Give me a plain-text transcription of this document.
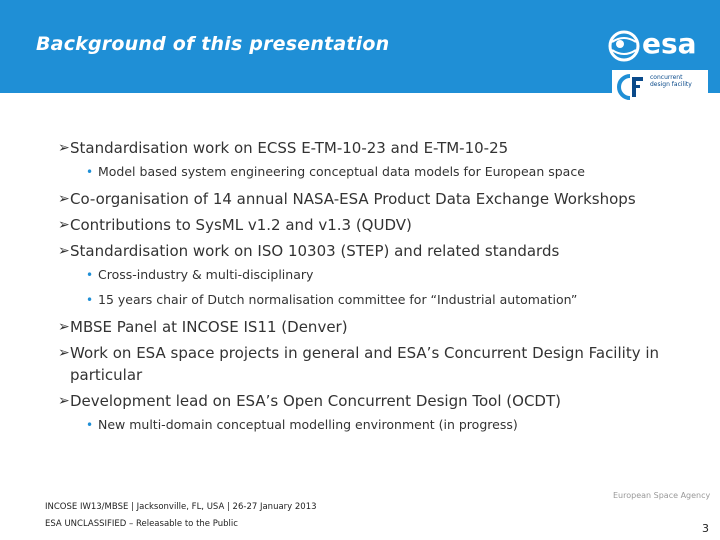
Background of this presentation	esa
concurrent
design facility
➢ Standardisation work on ECSS E-TM-10-23 and E-TM-10-25
• Model based system engineering conceptual data models for European space
➢ Co-organisation of 14 annual NASA-ESA Product Data Exchange Workshops
➢ Contributions to SysML v1.2 and v1.3 (QUDV)
➢ Standardisation work on ISO 10303 (STEP) and related standards
• Cross-industry & multi-disciplinary
• 15 years chair of Dutch normalisation committee for “Industrial automation”
➢ MBSE Panel at INCOSE IS11 (Denver)
➢ Work on ESA space projects in general and ESA’s Concurrent Design Facility in particular
➢ Development lead on ESA’s Open Concurrent Design Tool (OCDT)
• New multi-domain conceptual modelling environment (in progress)
European Space Agency
INCOSE IW13/MBSE | Jacksonville, FL, USA | 26-27 January 2013
ESA UNCLASSIFIED – Releasable to the Public	3
